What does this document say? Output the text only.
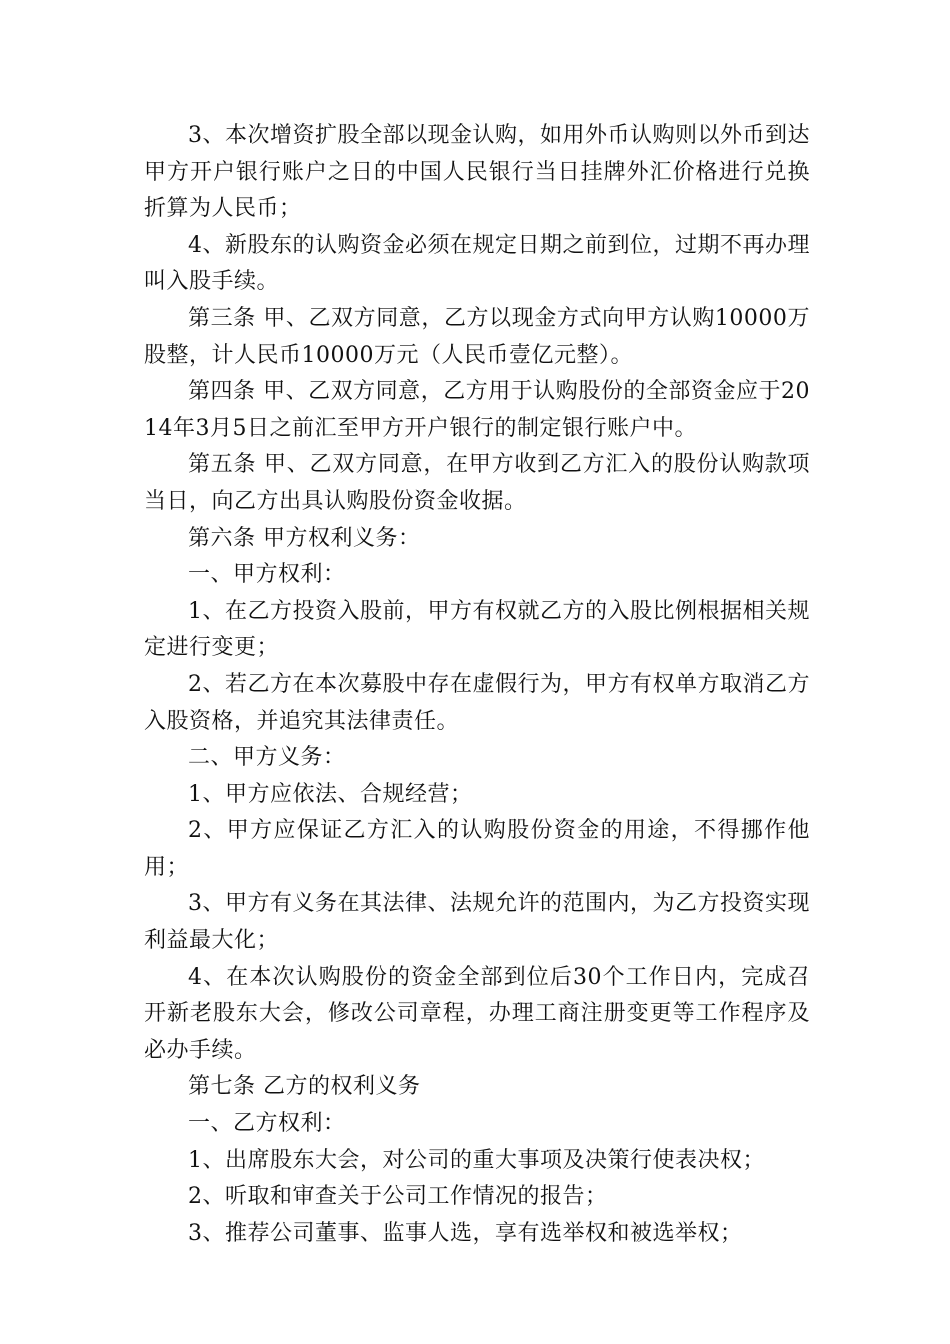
3、本次增资扩股全部以现金认购，如用外币认购则以外币到达甲方开户银行账户之日的中国人民银行当日挂牌外汇价格进行兑换折算为人民币；

4、新股东的认购资金必须在规定日期之前到位，过期不再办理叫入股手续。

第三条 甲、乙双方同意，乙方以现金方式向甲方认购10000万股整，计人民币10000万元（人民币壹亿元整）。

第四条 甲、乙双方同意，乙方用于认购股份的全部资金应于2014年3月5日之前汇至甲方开户银行的制定银行账户中。

第五条 甲、乙双方同意，在甲方收到乙方汇入的股份认购款项当日，向乙方出具认购股份资金收据。

第六条 甲方权利义务：

一、甲方权利：

1、在乙方投资入股前，甲方有权就乙方的入股比例根据相关规定进行变更；

2、若乙方在本次募股中存在虚假行为，甲方有权单方取消乙方入股资格，并追究其法律责任。

二、甲方义务：

1、甲方应依法、合规经营；

2、甲方应保证乙方汇入的认购股份资金的用途，不得挪作他用；

3、甲方有义务在其法律、法规允许的范围内，为乙方投资实现利益最大化；

4、在本次认购股份的资金全部到位后30个工作日内，完成召开新老股东大会，修改公司章程，办理工商注册变更等工作程序及必办手续。

第七条 乙方的权利义务

一、乙方权利：

1、出席股东大会，对公司的重大事项及决策行使表决权；

2、听取和审查关于公司工作情况的报告；

3、推荐公司董事、监事人选，享有选举权和被选举权；
